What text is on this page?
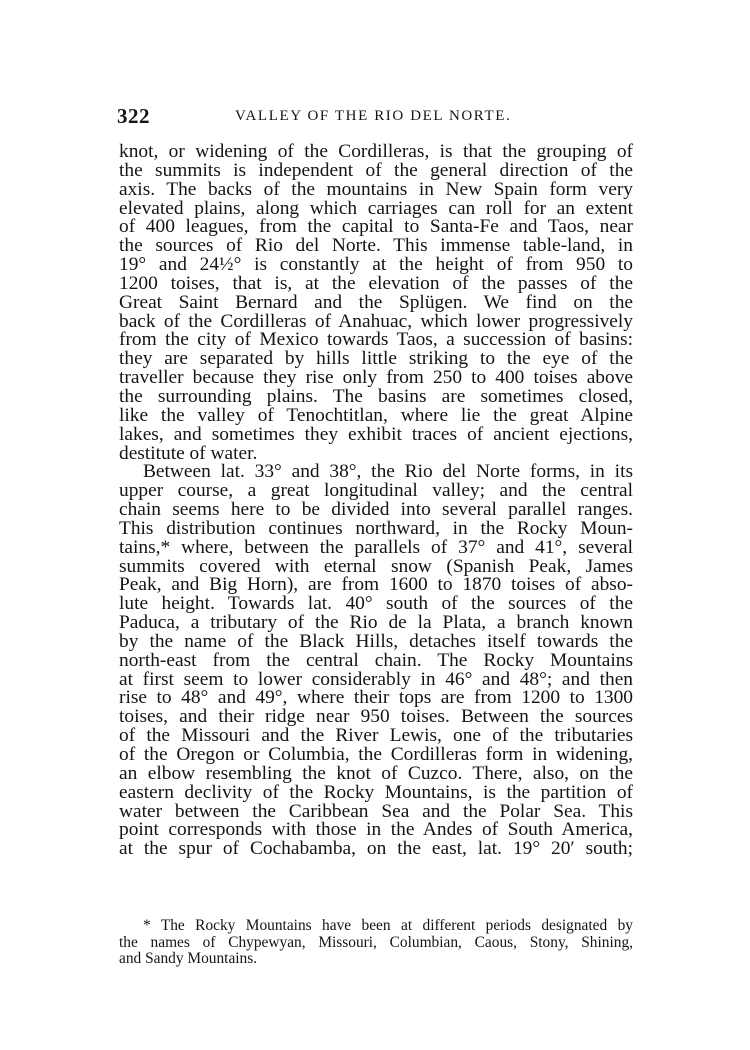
322	VALLEY OF THE RIO DEL NORTE.
knot, or widening of the Cordilleras, is that the grouping of
the summits is independent of the general direction of the
axis. The backs of the mountains in New Spain form very
elevated plains, along which carriages can roll for an extent
of 400 leagues, from the capital to Santa-Fe and Taos, near
the sources of Rio del Norte. This immense table-land, in
19° and 24½° is constantly at the height of from 950 to
1200 toises, that is, at the elevation of the passes of the
Great Saint Bernard and the Splügen. We find on the
back of the Cordilleras of Anahuac, which lower progressively
from the city of Mexico towards Taos, a succession of basins:
they are separated by hills little striking to the eye of the
traveller because they rise only from 250 to 400 toises above
the surrounding plains. The basins are sometimes closed,
like the valley of Tenochtitlan, where lie the great Alpine
lakes, and sometimes they exhibit traces of ancient ejections,
destitute of water.
Between lat. 33° and 38°, the Rio del Norte forms, in its
upper course, a great longitudinal valley; and the central
chain seems here to be divided into several parallel ranges.
This distribution continues northward, in the Rocky Moun-
tains,* where, between the parallels of 37° and 41°, several
summits covered with eternal snow (Spanish Peak, James
Peak, and Big Horn), are from 1600 to 1870 toises of abso-
lute height. Towards lat. 40° south of the sources of the
Paduca, a tributary of the Rio de la Plata, a branch known
by the name of the Black Hills, detaches itself towards the
north-east from the central chain. The Rocky Mountains
at first seem to lower considerably in 46° and 48°; and then
rise to 48° and 49°, where their tops are from 1200 to 1300
toises, and their ridge near 950 toises. Between the sources
of the Missouri and the River Lewis, one of the tributaries
of the Oregon or Columbia, the Cordilleras form in widening,
an elbow resembling the knot of Cuzco. There, also, on the
eastern declivity of the Rocky Mountains, is the partition of
water between the Caribbean Sea and the Polar Sea. This
point corresponds with those in the Andes of South America,
at the spur of Cochabamba, on the east, lat. 19° 20′ south;
* The Rocky Mountains have been at different periods designated by
the names of Chypewyan, Missouri, Columbian, Caous, Stony, Shining,
and Sandy Mountains.
